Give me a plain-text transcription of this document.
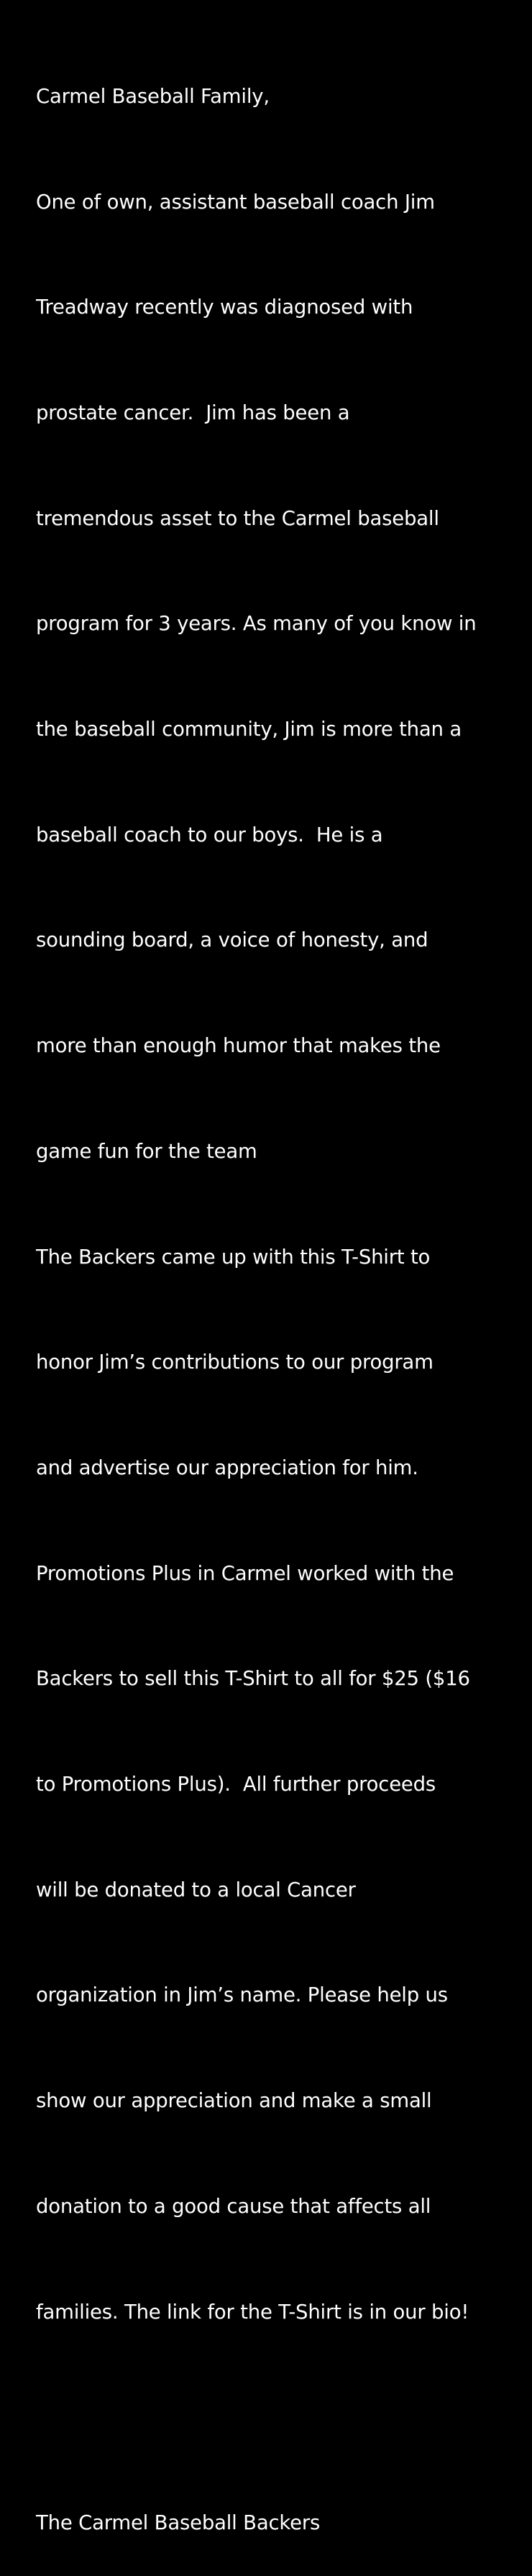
Carmel Baseball Family,

One of own, assistant baseball coach Jim

Treadway recently was diagnosed with

prostate cancer.  Jim has been a

tremendous asset to the Carmel baseball

program for 3 years. As many of you know in

the baseball community, Jim is more than a

baseball coach to our boys.  He is a

sounding board, a voice of honesty, and

more than enough humor that makes the

game fun for the team

The Backers came up with this T-Shirt to

honor Jim’s contributions to our program

and advertise our appreciation for him.

Promotions Plus in Carmel worked with the

Backers to sell this T-Shirt to all for $25 ($16

to Promotions Plus).  All further proceeds

will be donated to a local Cancer

organization in Jim’s name. Please help us

show our appreciation and make a small

donation to a good cause that affects all

families. The link for the T-Shirt is in our bio!

The Carmel Baseball Backers
